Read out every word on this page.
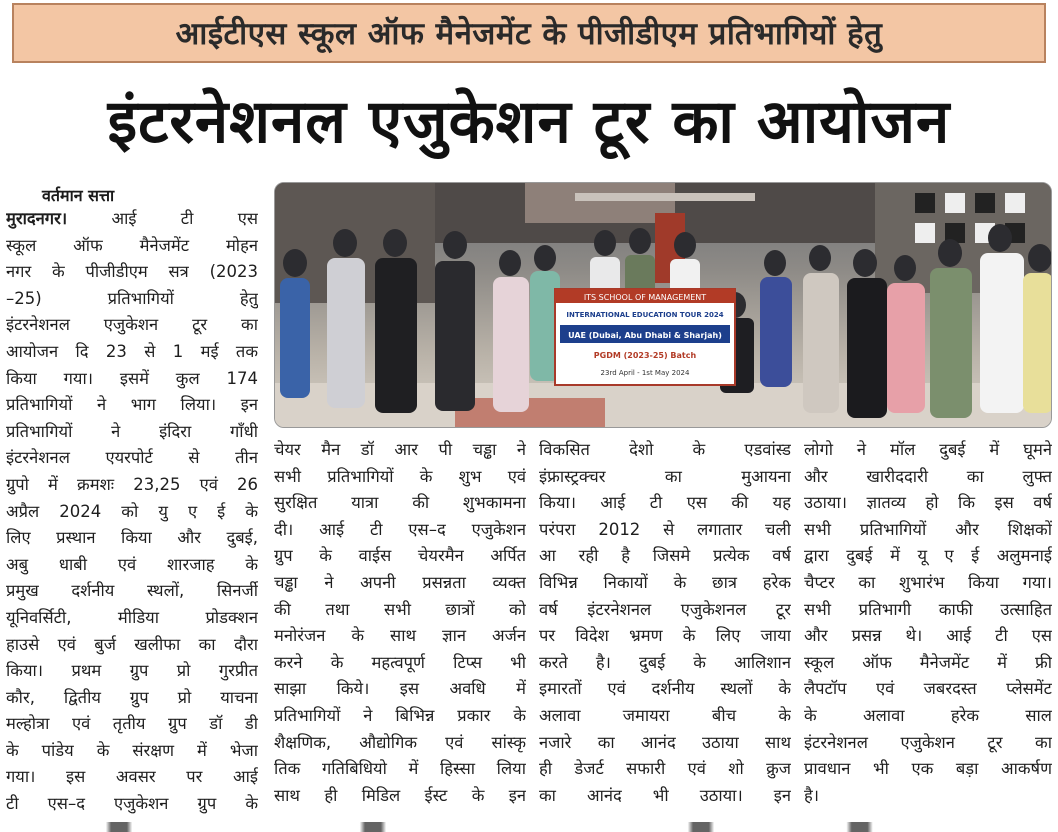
आईटीएस स्कूल ऑफ मैनेजमेंट के पीजीडीएम प्रतिभागियों हेतु
इंटरनेशनल एजुकेशन टूर का आयोजन
वर्तमान सत्ता
ITS SCHOOL OF MANAGEMENT
INTERNATIONAL EDUCATION TOUR 2024
UAE (Dubai, Abu Dhabi & Sharjah)
PGDM (2023-25) Batch
23rd April - 1st May 2024
मुरादनगर। आई टी एस
स्कूल ऑफ मैनेजमेंट मोहन
नगर के पीजीडीएम सत्र (2023
–25) प्रतिभागियों हेतु
इंटरनेशनल एजुकेशन टूर का
आयोजन दि 23 से 1 मई तक
किया गया। इसमें कुल 174
प्रतिभागियों ने भाग लिया। इन
प्रतिभागियों ने इंदिरा गाँधी
इंटरनेशनल एयरपोर्ट से तीन
ग्रुपो में क्रमशः 23,25 एवं 26
अप्रैल 2024 को यु ए ई के
लिए प्रस्थान किया और दुबई,
अबु धाबी एवं शारजाह के
प्रमुख दर्शनीय स्थलों, सिनर्जी
यूनिवर्सिटी, मीडिया प्रोडक्शन
हाउसे एवं बुर्ज खलीफा का दौरा
किया। प्रथम ग्रुप प्रो गुरप्रीत
कौर, द्वितीय ग्रुप प्रो याचना
मल्होत्रा एवं तृतीय ग्रुप डॉ डी
के पांडेय के संरक्षण में भेजा
गया। इस अवसर पर आई
टी एस–द एजुकेशन ग्रुप के
चेयर मैन डॉ आर पी चड्ढा ने
सभी प्रतिभागियों के शुभ एवं
सुरक्षित यात्रा की शुभकामना
दी। आई टी एस–द एजुकेशन
ग्रुप के वाईस चेयरमैन अर्पित
चड्ढा ने अपनी प्रसन्नता व्यक्त
की तथा सभी छात्रों को
मनोरंजन के साथ ज्ञान अर्जन
करने के महत्वपूर्ण टिप्स भी
साझा किये। इस अवधि में
प्रतिभागियों ने बिभिन्न प्रकार के
शैक्षणिक, औद्योगिक एवं सांस्कृ
तिक गतिबिधियो में हिस्सा लिया
साथ ही मिडिल ईस्ट के इन
विकसित देशो के एडवांस्ड
इंफ्रास्ट्रक्चर का मुआयना
किया। आई टी एस की यह
परंपरा 2012 से लगातार चली
आ रही है जिसमे प्रत्येक वर्ष
विभिन्न निकायों के छात्र हरेक
वर्ष इंटरनेशनल एजुकेशनल टूर
पर विदेश भ्रमण के लिए जाया
करते है। दुबई के आलिशान
इमारतों एवं दर्शनीय स्थलों के
अलावा जमायरा बीच के
नजारे का आनंद उठाया साथ
ही डेजर्ट सफारी एवं शो क्रुज
का आनंद भी उठाया। इन
लोगो ने मॉल दुबई में घूमने
और खारीददारी का लुफ्त
उठाया। ज्ञातव्य हो कि इस वर्ष
सभी प्रतिभागियों और शिक्षकों
द्वारा दुबई में यू ए ई अलुमनाई
चैप्टर का शुभारंभ किया गया।
सभी प्रतिभागी काफी उत्साहित
और प्रसन्न थे। आई टी एस
स्कूल ऑफ मैनेजमेंट में फ्री
लैपटॉप एवं जबरदस्त प्लेसमेंट
के अलावा हरेक साल
इंटरनेशनल एजुकेशन टूर का
प्रावधान भी एक बड़ा आकर्षण
है।
